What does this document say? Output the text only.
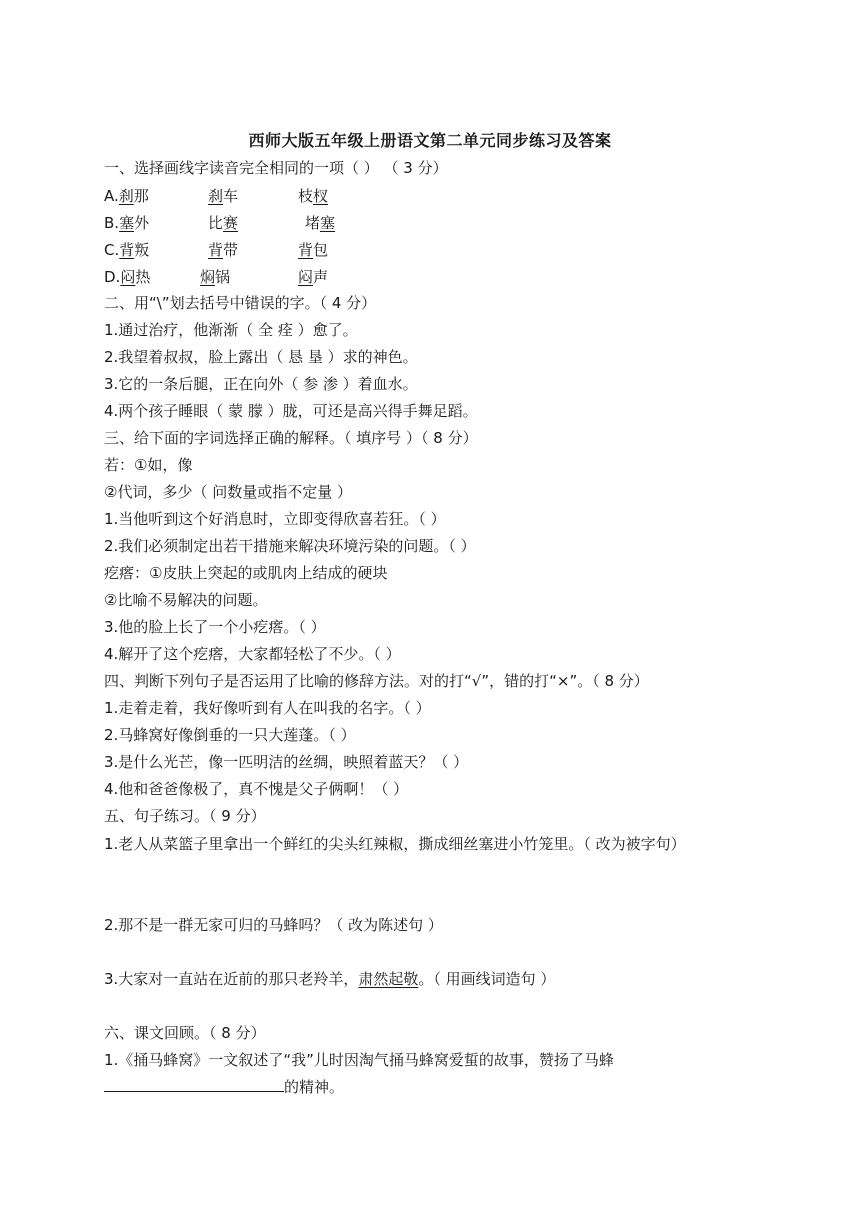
西师大版五年级上册语文第二单元同步练习及答案
一、选择画线字读音完全相同的一项（ ） （ 3 分）
A.刹那	刹车	枝杈
B.塞外	比赛	堵塞
C.背叛	背带	背包
D.闷热	焖锅	闷声
二、用“\”划去括号中错误的字。（ 4 分）
1.通过治疗，他渐渐（ 全 痊 ）愈了。
2.我望着叔叔，脸上露出（ 恳 垦 ）求的神色。
3.它的一条后腿，正在向外（ 参 渗 ）着血水。
4.两个孩子睡眼（ 蒙 朦 ）胧，可还是高兴得手舞足蹈。
三、给下面的字词选择正确的解释。（ 填序号 ）（ 8 分）
若：①如，像
②代词，多少（ 问数量或指不定量 ）
1.当他听到这个好消息时，立即变得欣喜若狂。（ ）
2.我们必须制定出若干措施来解决环境污染的问题。（ ）
疙瘩：①皮肤上突起的或肌肉上结成的硬块
②比喻不易解决的问题。
3.他的脸上长了一个小疙瘩。（ ）
4.解开了这个疙瘩，大家都轻松了不少。（ ）
四、判断下列句子是否运用了比喻的修辞方法。对的打“√”，错的打“×”。（ 8 分）
1.走着走着，我好像听到有人在叫我的名字。（ ）
2.马蜂窝好像倒垂的一只大莲蓬。（ ）
3.是什么光芒，像一匹明洁的丝绸，映照着蓝天？（ ）
4.他和爸爸像极了，真不愧是父子俩啊！（ ）
五、句子练习。（ 9 分）
1.老人从菜篮子里拿出一个鲜红的尖头红辣椒，撕成细丝塞进小竹笼里。（ 改为被字句）
2.那不是一群无家可归的马蜂吗？（ 改为陈述句 ）
3.大家对一直站在近前的那只老羚羊，肃然起敬。（ 用画线词造句 ）
六、课文回顾。（ 8 分）
1.《捅马蜂窝》一文叙述了“我”儿时因淘气捅马蜂窝爱蜇的故事，赞扬了马蜂
的精神。
